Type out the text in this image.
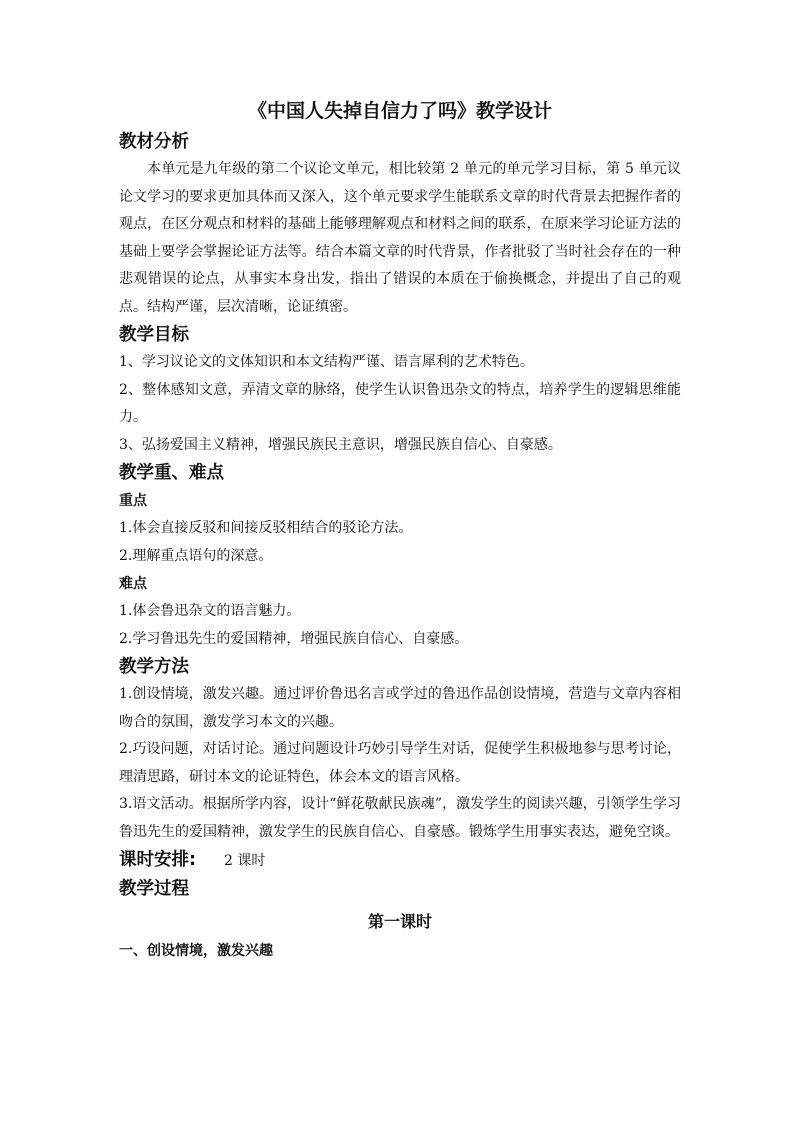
《中国人失掉自信力了吗》教学设计
教材分析

本单元是九年级的第二个议论文单元，相比较第 2 单元的单元学习目标，第 5 单元议论文学习的要求更加具体而又深入，这个单元要求学生能联系文章的时代背景去把握作者的观点，在区分观点和材料的基础上能够理解观点和材料之间的联系，在原来学习论证方法的基础上要学会掌握论证方法等。结合本篇文章的时代背景，作者批驳了当时社会存在的一种悲观错误的论点，从事实本身出发，指出了错误的本质在于偷换概念，并提出了自己的观点。结构严谨，层次清晰，论证缜密。

教学目标

1、学习议论文的文体知识和本文结构严谨、语言犀利的艺术特色。

2、整体感知文意，弄清文章的脉络，使学生认识鲁迅杂文的特点，培养学生的逻辑思维能力。

3、弘扬爱国主义精神，增强民族民主意识，增强民族自信心、自豪感。

教学重、难点
重点

1.体会直接反驳和间接反驳相结合的驳论方法。

2.理解重点语句的深意。

难点

1.体会鲁迅杂文的语言魅力。

2.学习鲁迅先生的爱国精神，增强民族自信心、自豪感。

教学方法

1.创设情境，激发兴趣。通过评价鲁迅名言或学过的鲁迅作品创设情境，营造与文章内容相吻合的氛围，激发学习本文的兴趣。

2.巧设问题，对话讨论。通过问题设计巧妙引导学生对话，促使学生积极地参与思考讨论，理清思路，研讨本文的论证特色，体会本文的语言风格。

3.语文活动。根据所学内容，设计“鲜花敬献民族魂”，激发学生的阅读兴趣，引领学生学习鲁迅先生的爱国精神，激发学生的民族自信心、自豪感。锻炼学生用事实表达，避免空谈。

课时安排: 2 课时
教学过程
第一课时
一、创设情境，激发兴趣
